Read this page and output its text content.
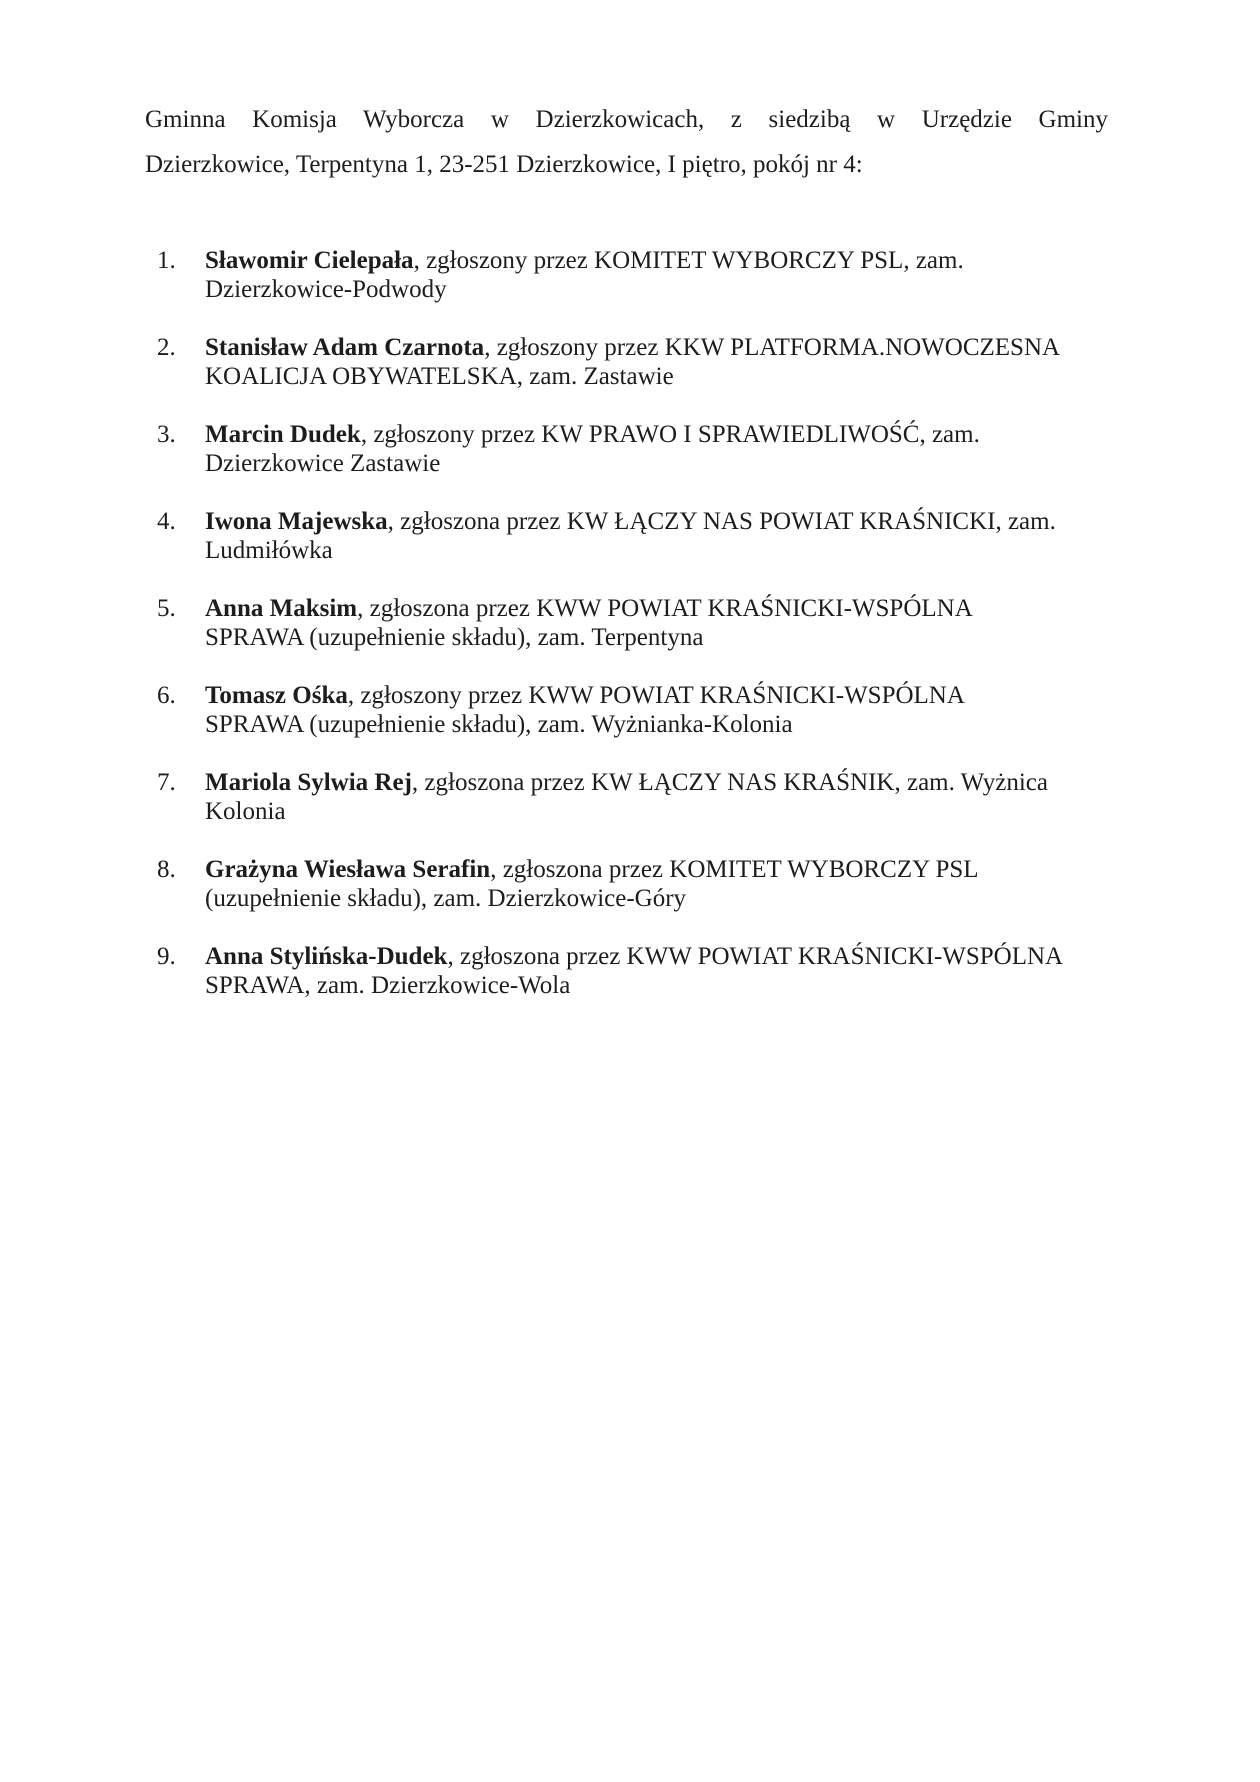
Gminna Komisja Wyborcza w Dzierzkowicach, z siedzibą w Urzędzie Gminy
Dzierzkowice, Terpentyna 1, 23-251 Dzierzkowice, I piętro, pokój nr 4:

1.	Sławomir Cielepała, zgłoszony przez KOMITET WYBORCZY PSL, zam.
Dzierzkowice-Podwody
2.	Stanisław Adam Czarnota, zgłoszony przez KKW PLATFORMA.NOWOCZESNA
KOALICJA OBYWATELSKA, zam. Zastawie
3.	Marcin Dudek, zgłoszony przez KW PRAWO I SPRAWIEDLIWOŚĆ, zam.
Dzierzkowice Zastawie
4.	Iwona Majewska, zgłoszona przez KW ŁĄCZY NAS POWIAT KRAŚNICKI, zam.
Ludmiłówka
5.	Anna Maksim, zgłoszona przez KWW POWIAT KRAŚNICKI-WSPÓLNA
SPRAWA (uzupełnienie składu), zam. Terpentyna
6.	Tomasz Ośka, zgłoszony przez KWW POWIAT KRAŚNICKI-WSPÓLNA
SPRAWA (uzupełnienie składu), zam. Wyżnianka-Kolonia
7.	Mariola Sylwia Rej, zgłoszona przez KW ŁĄCZY NAS KRAŚNIK, zam. Wyżnica
Kolonia
8.	Grażyna Wiesława Serafin, zgłoszona przez KOMITET WYBORCZY PSL
(uzupełnienie składu), zam. Dzierzkowice-Góry
9.	Anna Stylińska-Dudek, zgłoszona przez KWW POWIAT KRAŚNICKI-WSPÓLNA
SPRAWA, zam. Dzierzkowice-Wola
